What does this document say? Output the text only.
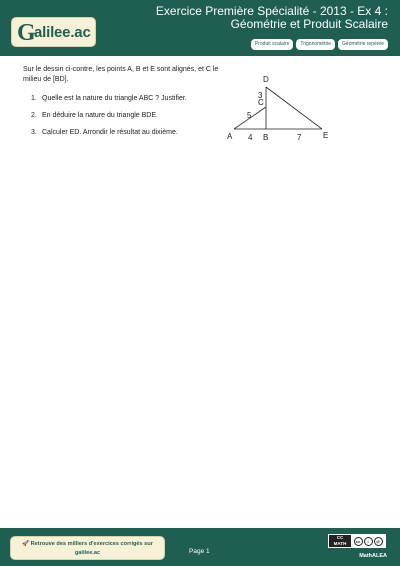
G
alilee.ac
Exercice Première Spécialité - 2013 - Ex 4 : Géométrie et Produit Scalaire
Produit scalaire	Trigonométrie	Géométrie repérée

Sur le dessin ci-contre, les points A, B et E sont alignés, et C le milieu de [BD].

1. Quelle est la nature du triangle ABC ? Justifier.
2. En déduire la nature du triangle BDE.
3. Calculer ED. Arrondir le résultat au dixième.
D
C
A	B	E
3
5
4	7
🚀 Retrouve des milliers d'exercices corrigés sur galilee.ac	Page 1
CC
MATH	cc	i	@
MathALEA
